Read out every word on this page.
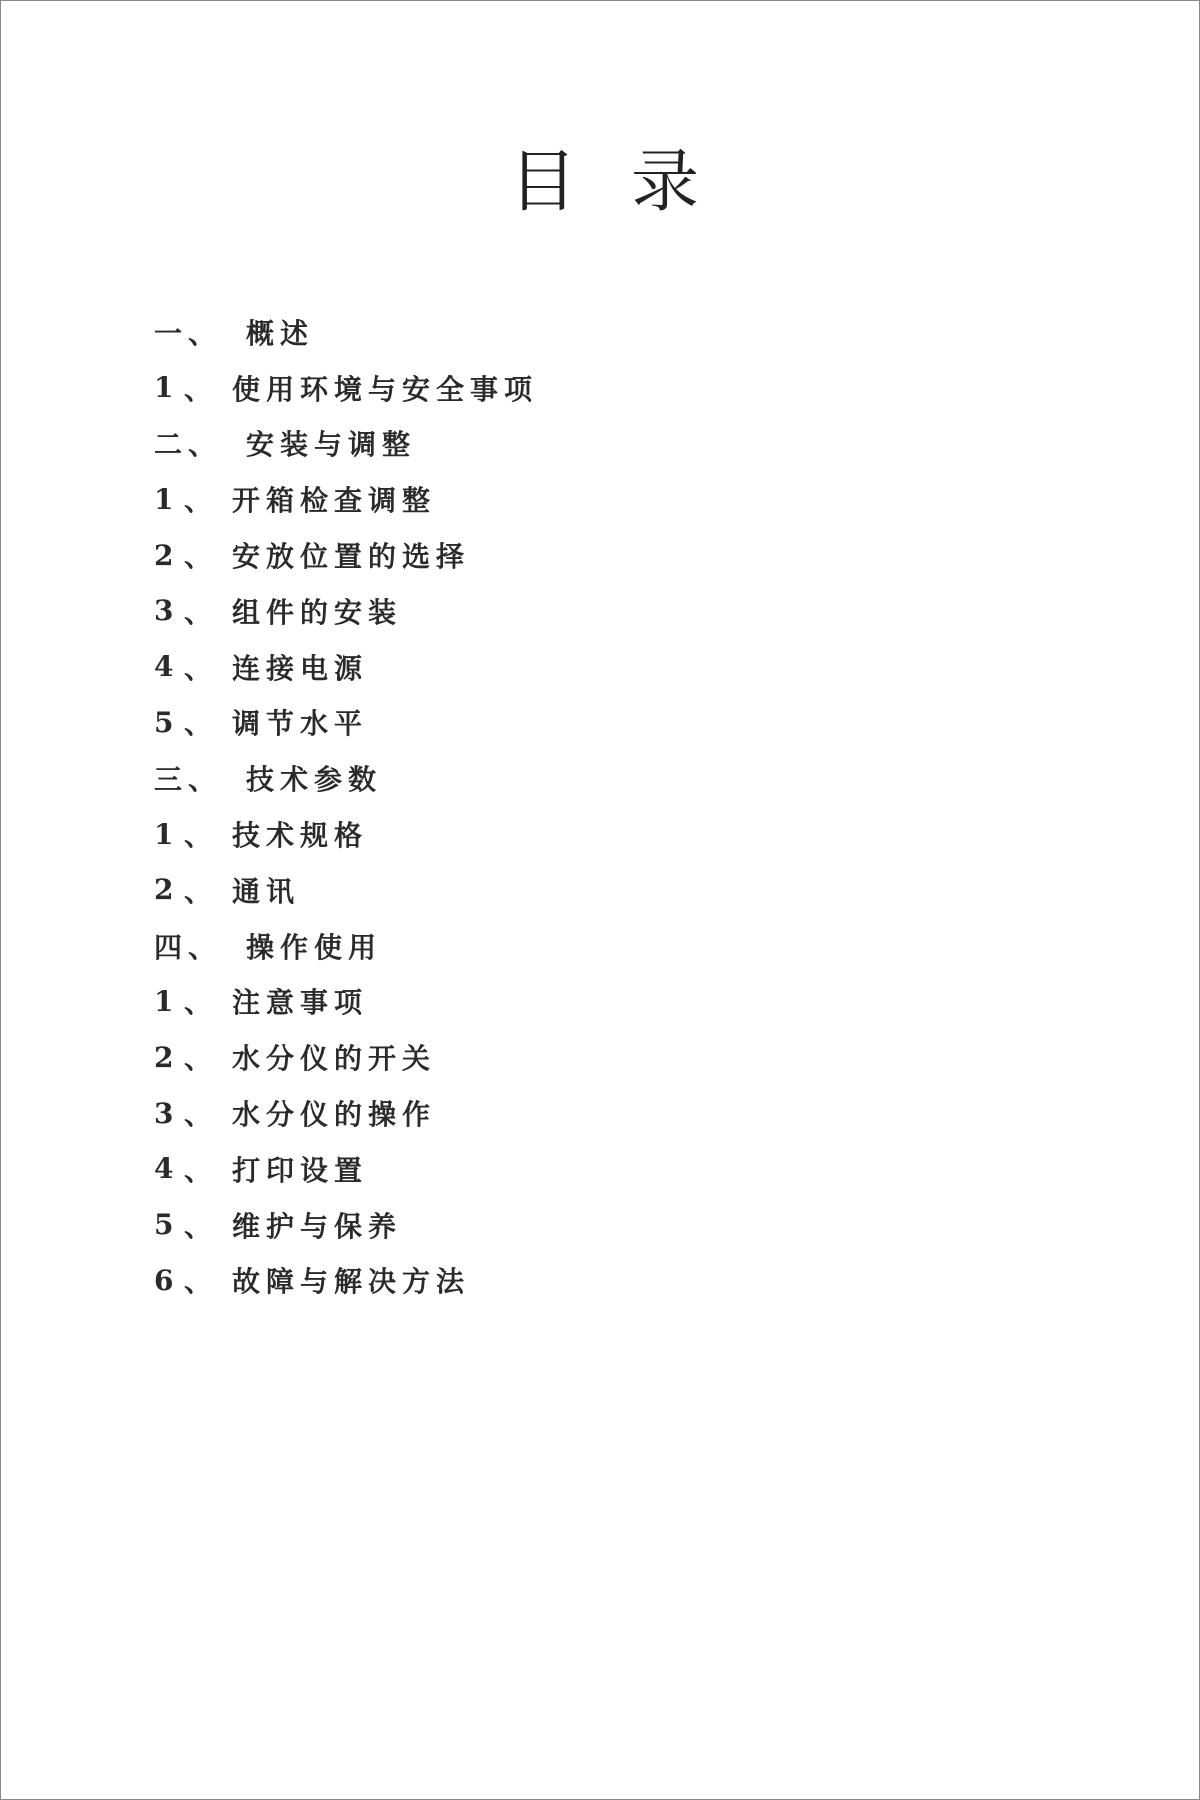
目 录
一 、 概述
1 、 使用环境与安全事项
二 、 安装与调整
1 、 开箱检查调整
2 、 安放位置的选择
3 、 组件的安装
4 、 连接电源
5 、 调节水平
三 、 技术参数
1 、 技术规格
2 、 通讯
四 、 操作使用
1 、 注意事项
2 、 水分仪的开关
3 、 水分仪的操作
4 、 打印设置
5 、 维护与保养
6 、 故障与解决方法
